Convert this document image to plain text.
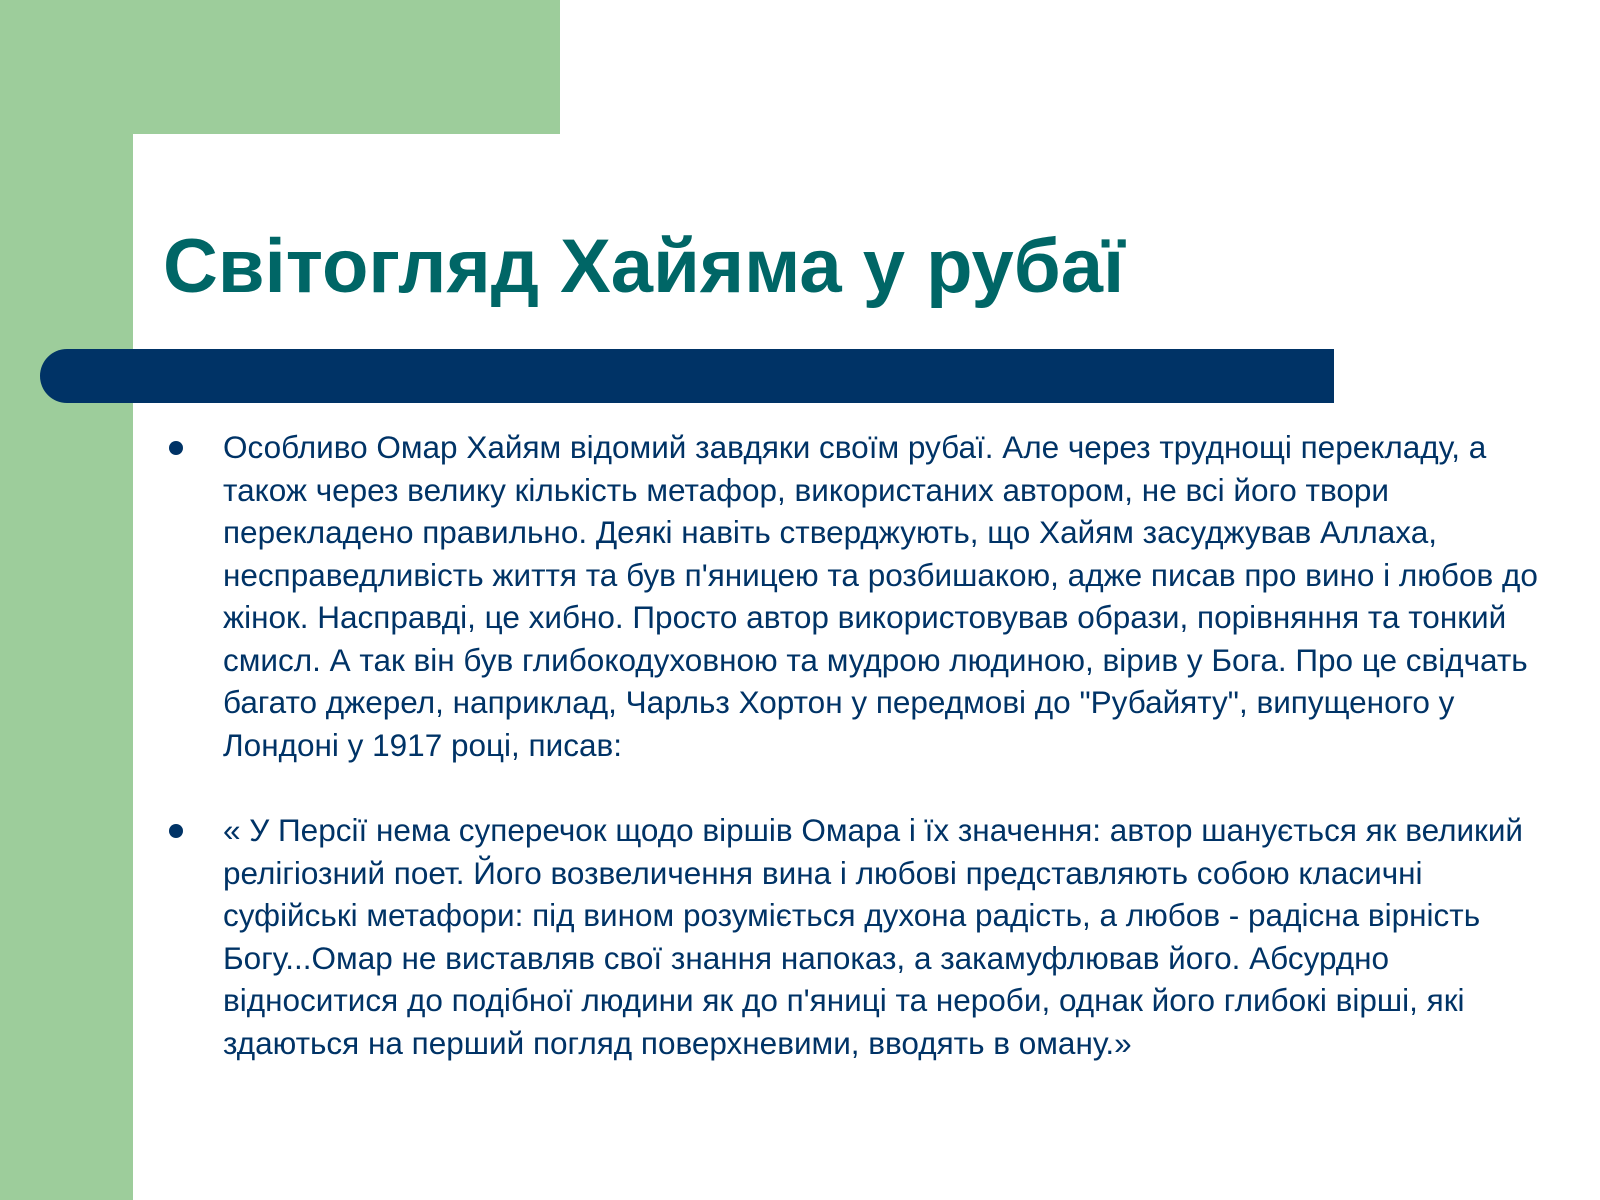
Світогляд Хайяма у рубаї
Особливо Омар Хайям відомий завдяки своїм рубаї. Але через труднощі перекладу, а також через велику кількість метафор, використаних автором, не всі його твори перекладено правильно. Деякі навіть стверджують, що Хайям засуджував Аллаха, несправедливість життя та був п'яницею та розбишакою, адже писав про вино і любов до жінок. Насправді, це хибно. Просто автор використовував образи, порівняння та тонкий смисл. А так він був глибокодуховною та мудрою людиною, вірив у Бога. Про це свідчать багато джерел, наприклад, Чарльз Хортон у передмові до "Рубайяту", випущеного у Лондоні у 1917 році, писав:
« У Персії нема суперечок щодо віршів Омара і їх значення: автор шанується як великий релігіозний поет. Його возвеличення вина і любові представляють собою класичні суфійські метафори: під вином розуміється духона радість, а любов - радісна вірність Богу...Омар не виставляв свої знання напоказ, а закамуфлював його. Абсурдно відноситися до подібної людини як до п'яниці та нероби, однак його глибокі вірші, які здаються на перший погляд поверхневими, вводять в оману.»
